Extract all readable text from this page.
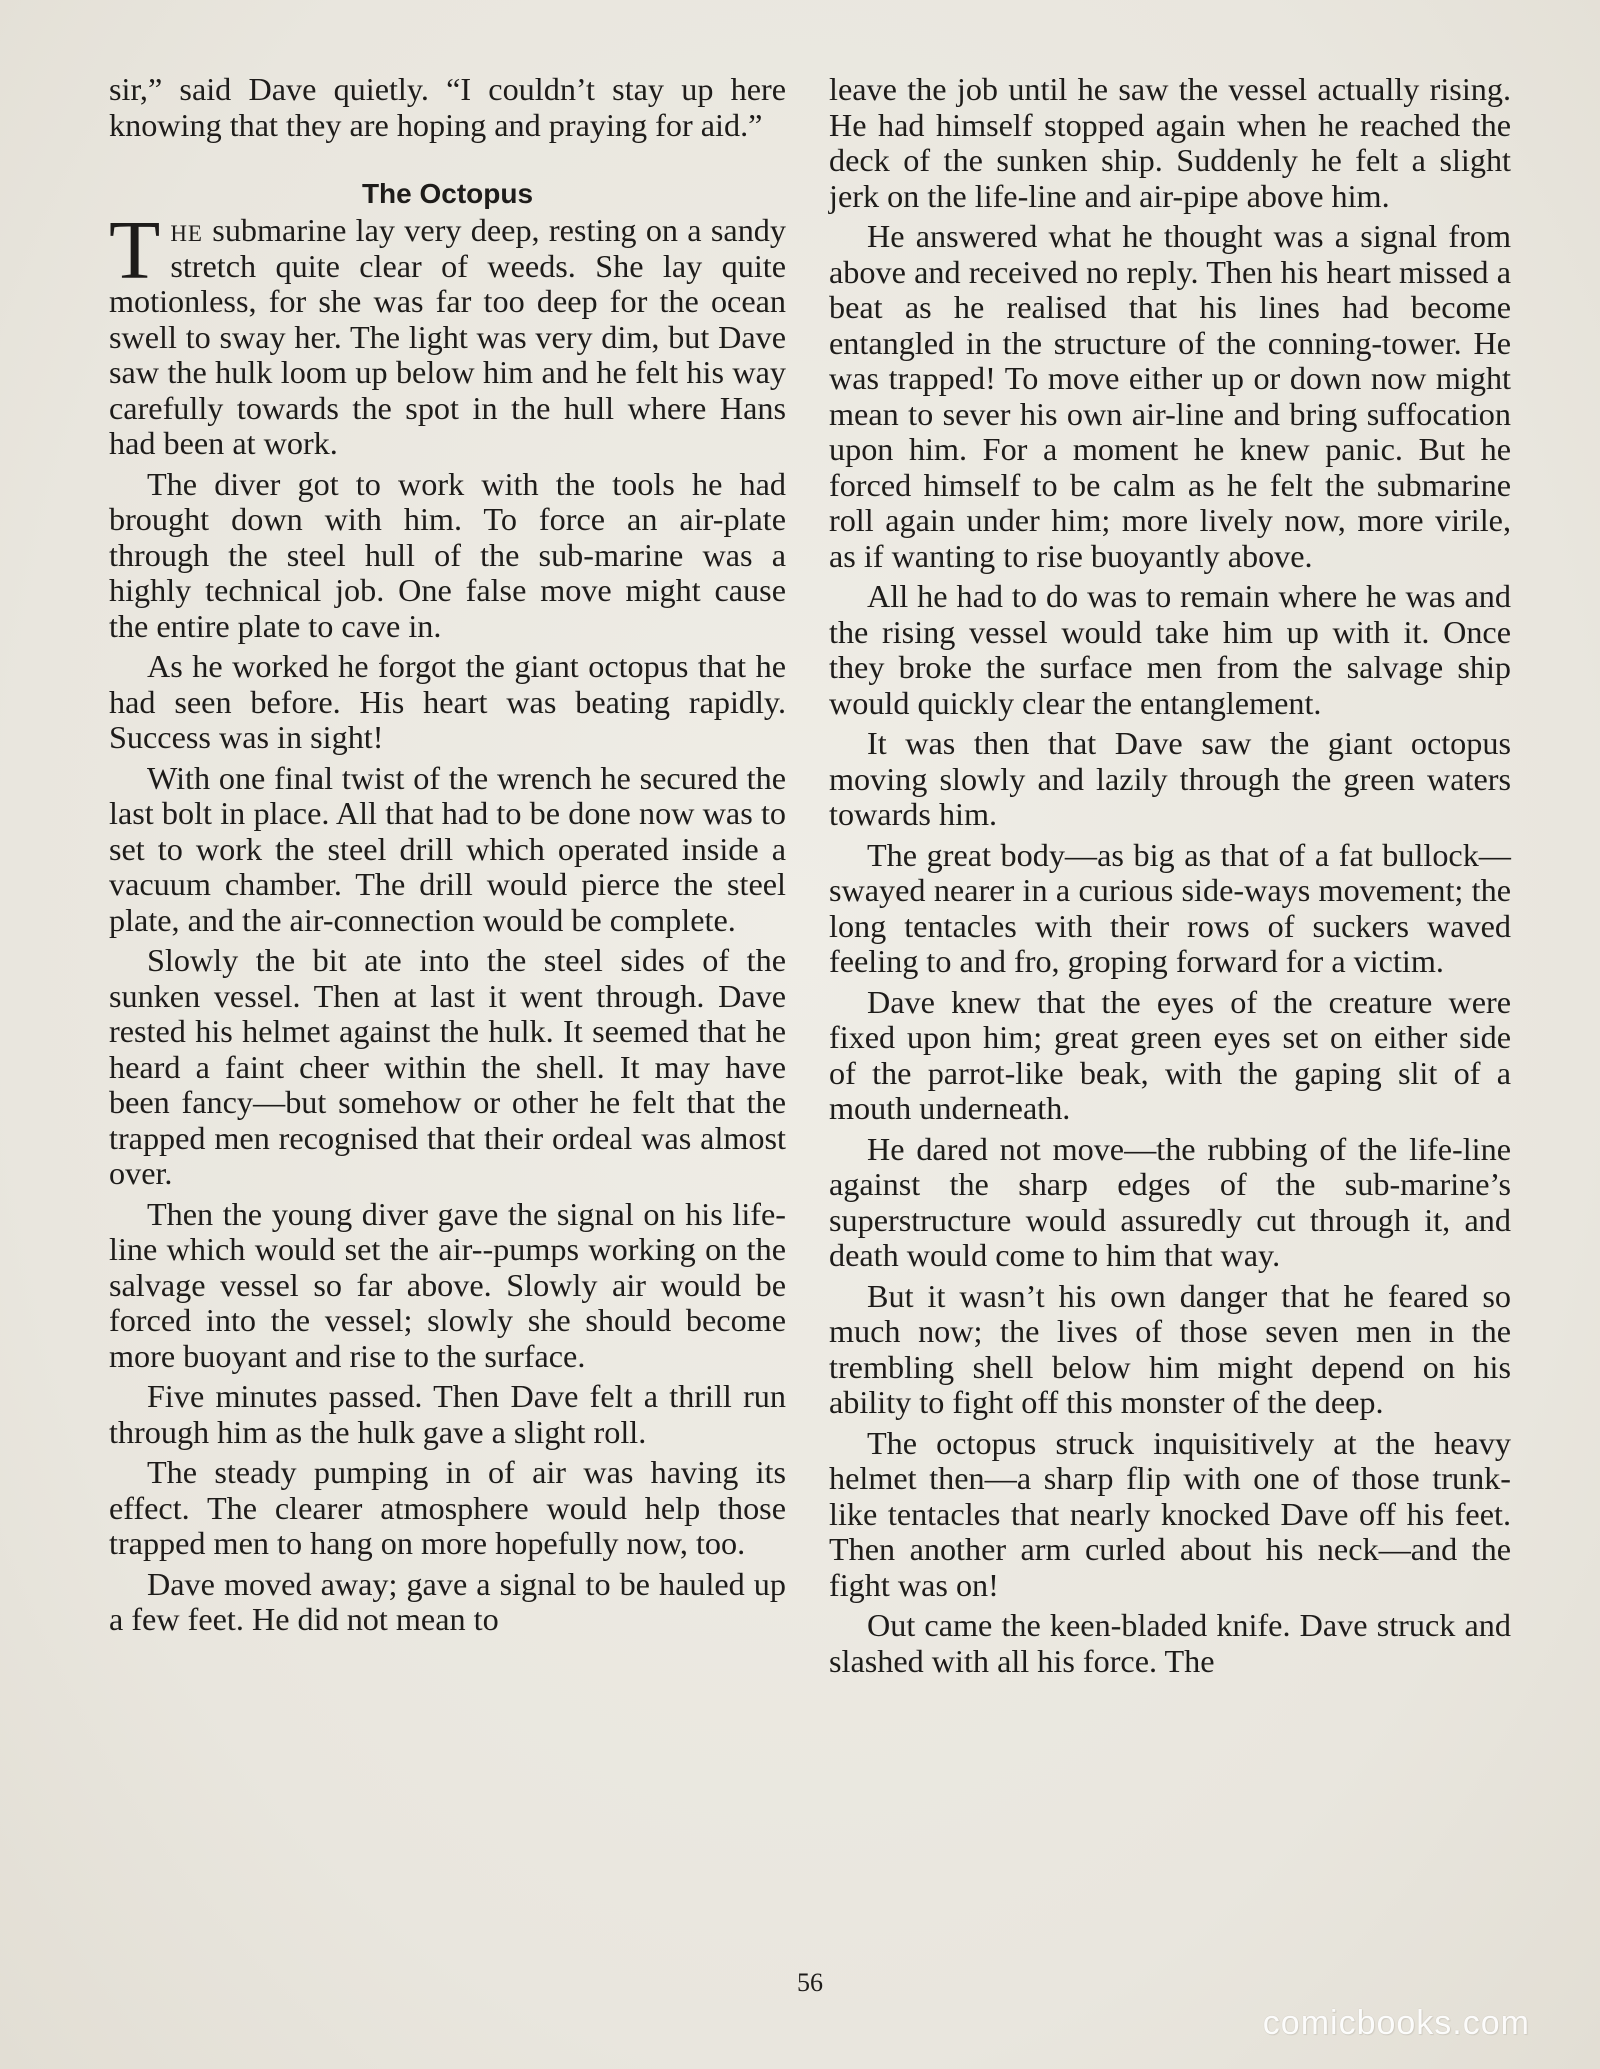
sir,” said Dave quietly. “I couldn’t stay up here knowing that they are hoping and praying for aid.”

The Octopus

The submarine lay very deep, resting on a sandy stretch quite clear of weeds. She lay quite motionless, for she was far too deep for the ocean swell to sway her. The light was very dim, but Dave saw the hulk loom up below him and he felt his way carefully towards the spot in the hull where Hans had been at work.

The diver got to work with the tools he had brought down with him. To force an air-plate through the steel hull of the sub-marine was a highly technical job. One false move might cause the entire plate to cave in.

As he worked he forgot the giant octopus that he had seen before. His heart was beating rapidly. Success was in sight!

With one final twist of the wrench he secured the last bolt in place. All that had to be done now was to set to work the steel drill which operated inside a vacuum chamber. The drill would pierce the steel plate, and the air-connection would be complete.

Slowly the bit ate into the steel sides of the sunken vessel. Then at last it went through. Dave rested his helmet against the hulk. It seemed that he heard a faint cheer within the shell. It may have been fancy—but somehow or other he felt that the trapped men recognised that their ordeal was almost over.

Then the young diver gave the signal on his life-line which would set the air--pumps working on the salvage vessel so far above. Slowly air would be forced into the vessel; slowly she should become more buoyant and rise to the surface.

Five minutes passed. Then Dave felt a thrill run through him as the hulk gave a slight roll.

The steady pumping in of air was having its effect. The clearer atmosphere would help those trapped men to hang on more hopefully now, too.

Dave moved away; gave a signal to be hauled up a few feet. He did not mean to

leave the job until he saw the vessel actually rising. He had himself stopped again when he reached the deck of the sunken ship. Suddenly he felt a slight jerk on the life-line and air-pipe above him.

He answered what he thought was a signal from above and received no reply. Then his heart missed a beat as he realised that his lines had become entangled in the structure of the conning-tower. He was trapped! To move either up or down now might mean to sever his own air-line and bring suffocation upon him. For a moment he knew panic. But he forced himself to be calm as he felt the submarine roll again under him; more lively now, more virile, as if wanting to rise buoyantly above.

All he had to do was to remain where he was and the rising vessel would take him up with it. Once they broke the surface men from the salvage ship would quickly clear the entanglement.

It was then that Dave saw the giant octopus moving slowly and lazily through the green waters towards him.

The great body—as big as that of a fat bullock—swayed nearer in a curious side-ways movement; the long tentacles with their rows of suckers waved feeling to and fro, groping forward for a victim.

Dave knew that the eyes of the creature were fixed upon him; great green eyes set on either side of the parrot-like beak, with the gaping slit of a mouth underneath.

He dared not move—the rubbing of the life-line against the sharp edges of the sub-marine’s superstructure would assuredly cut through it, and death would come to him that way.

But it wasn’t his own danger that he feared so much now; the lives of those seven men in the trembling shell below him might depend on his ability to fight off this monster of the deep.

The octopus struck inquisitively at the heavy helmet then—a sharp flip with one of those trunk-like tentacles that nearly knocked Dave off his feet. Then another arm curled about his neck—and the fight was on!

Out came the keen-bladed knife. Dave struck and slashed with all his force. The

56
comicbooks.com
